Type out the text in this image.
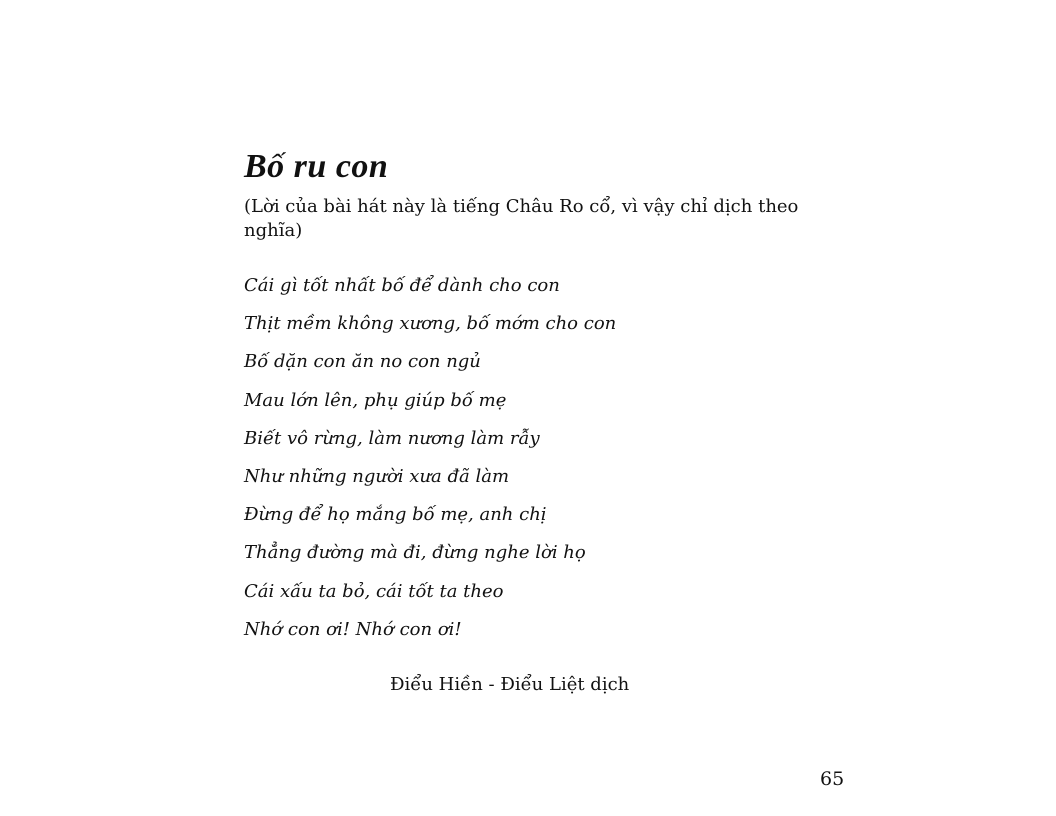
Bố ru con
(Lời của bài hát này là tiếng Châu Ro cổ, vì vậy chỉ dịch theo nghĩa)
Cái gì tốt nhất bố để dành cho con
Thịt mềm không xương, bố mớm cho con
Bố dặn con ăn no con ngủ
Mau lớn lên, phụ giúp bố mẹ
Biết vô rừng, làm nương làm rẫy
Như những người xưa đã làm
Đừng để họ mắng bố mẹ, anh chị
Thẳng đường mà đi, đừng nghe lời họ
Cái xấu ta bỏ, cái tốt ta theo
Nhớ con ơi! Nhớ con ơi!
Điểu Hiền - Điểu Liệt dịch
65
